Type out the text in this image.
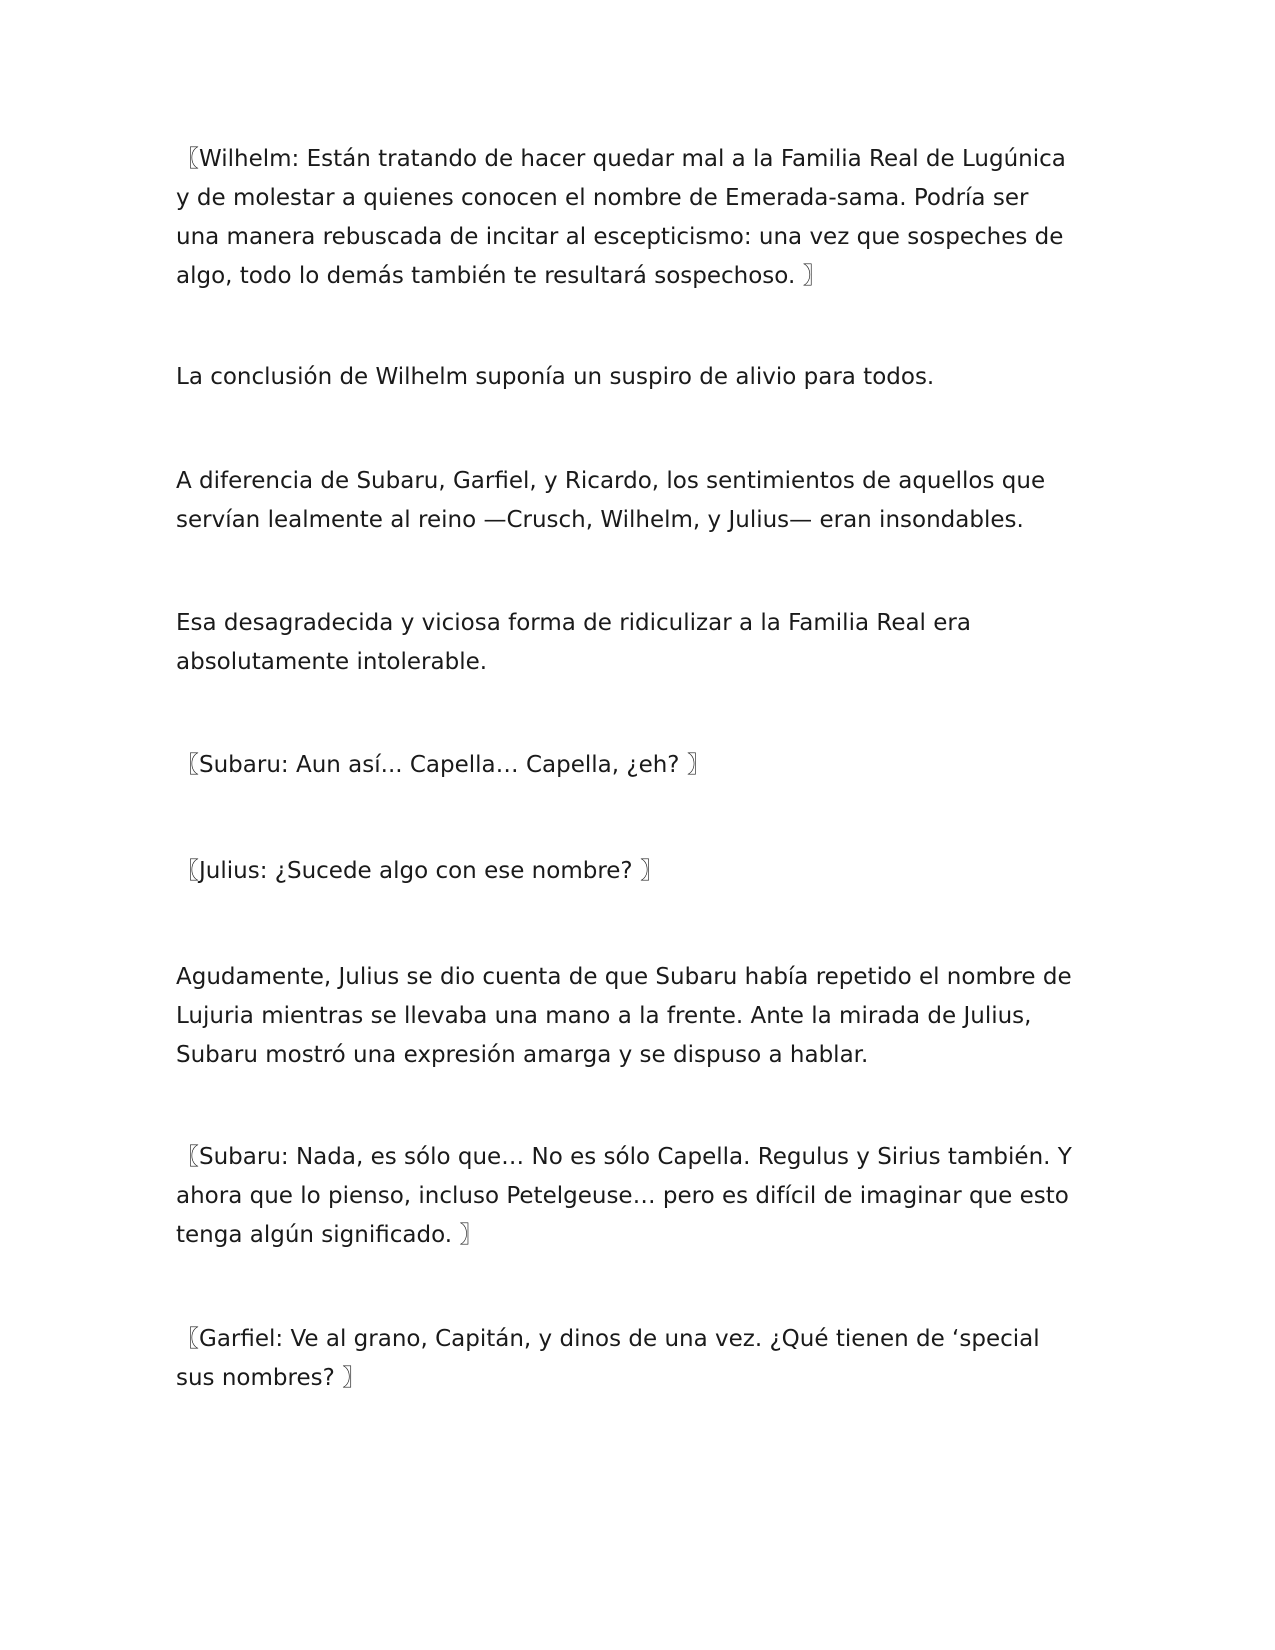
〖Wilhelm: Están tratando de hacer quedar mal a la Familia Real de Lugúnica
y de molestar a quienes conocen el nombre de Emerada-sama. Podría ser
una manera rebuscada de incitar al escepticismo: una vez que sospeches de
algo, todo lo demás también te resultará sospechoso. 〗

La conclusión de Wilhelm suponía un suspiro de alivio para todos.

A diferencia de Subaru, Garfiel, y Ricardo, los sentimientos de aquellos que
servían lealmente al reino —Crusch, Wilhelm, y Julius— eran insondables.

Esa desagradecida y viciosa forma de ridiculizar a la Familia Real era
absolutamente intolerable.

〖Subaru: Aun así... Capella… Capella, ¿eh? 〗

〖Julius: ¿Sucede algo con ese nombre? 〗

Agudamente, Julius se dio cuenta de que Subaru había repetido el nombre de
Lujuria mientras se llevaba una mano a la frente. Ante la mirada de Julius,
Subaru mostró una expresión amarga y se dispuso a hablar.

〖Subaru: Nada, es sólo que… No es sólo Capella. Regulus y Sirius también. Y
ahora que lo pienso, incluso Petelgeuse… pero es difícil de imaginar que esto
tenga algún significado. 〗

〖Garfiel: Ve al grano, Capitán, y dinos de una vez. ¿Qué tienen de ‘special
sus nombres? 〗
